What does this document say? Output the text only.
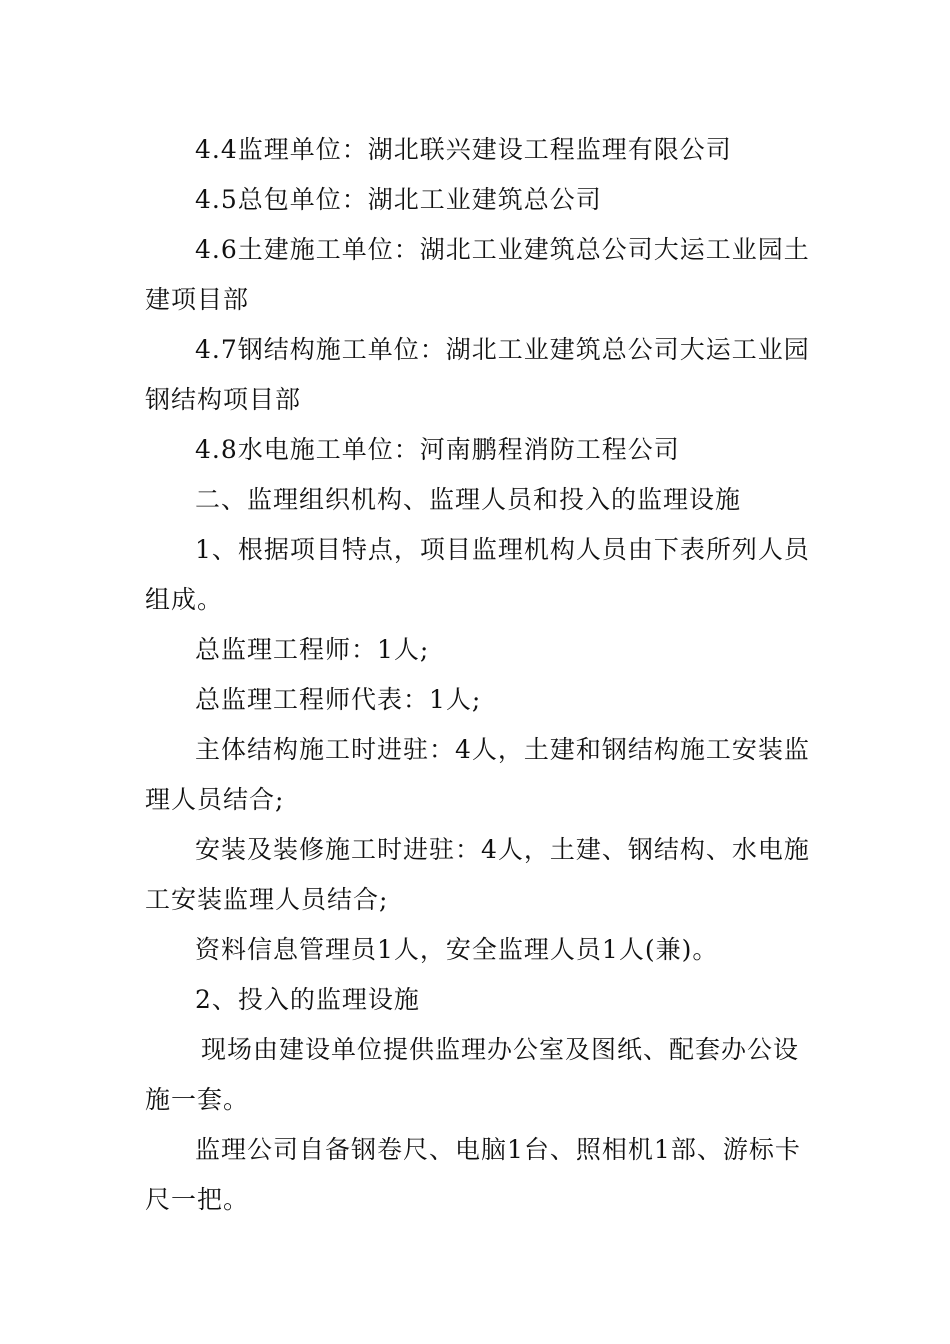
4.4监理单位：湖北联兴建设工程监理有限公司

4.5总包单位：湖北工业建筑总公司

4.6土建施工单位：湖北工业建筑总公司大运工业园土建项目部

4.7钢结构施工单位：湖北工业建筑总公司大运工业园钢结构项目部

4.8水电施工单位：河南鹏程消防工程公司

二、监理组织机构、监理人员和投入的监理设施

1、根据项目特点，项目监理机构人员由下表所列人员组成。

总监理工程师：1人;

总监理工程师代表：1人;

主体结构施工时进驻：4人，土建和钢结构施工安装监理人员结合;

安装及装修施工时进驻：4人，土建、钢结构、水电施工安装监理人员结合;

资料信息管理员1人，安全监理人员1人(兼)。

2、投入的监理设施

现场由建设单位提供监理办公室及图纸、配套办公设施一套。

监理公司自备钢卷尺、电脑1台、照相机1部、游标卡尺一把。
